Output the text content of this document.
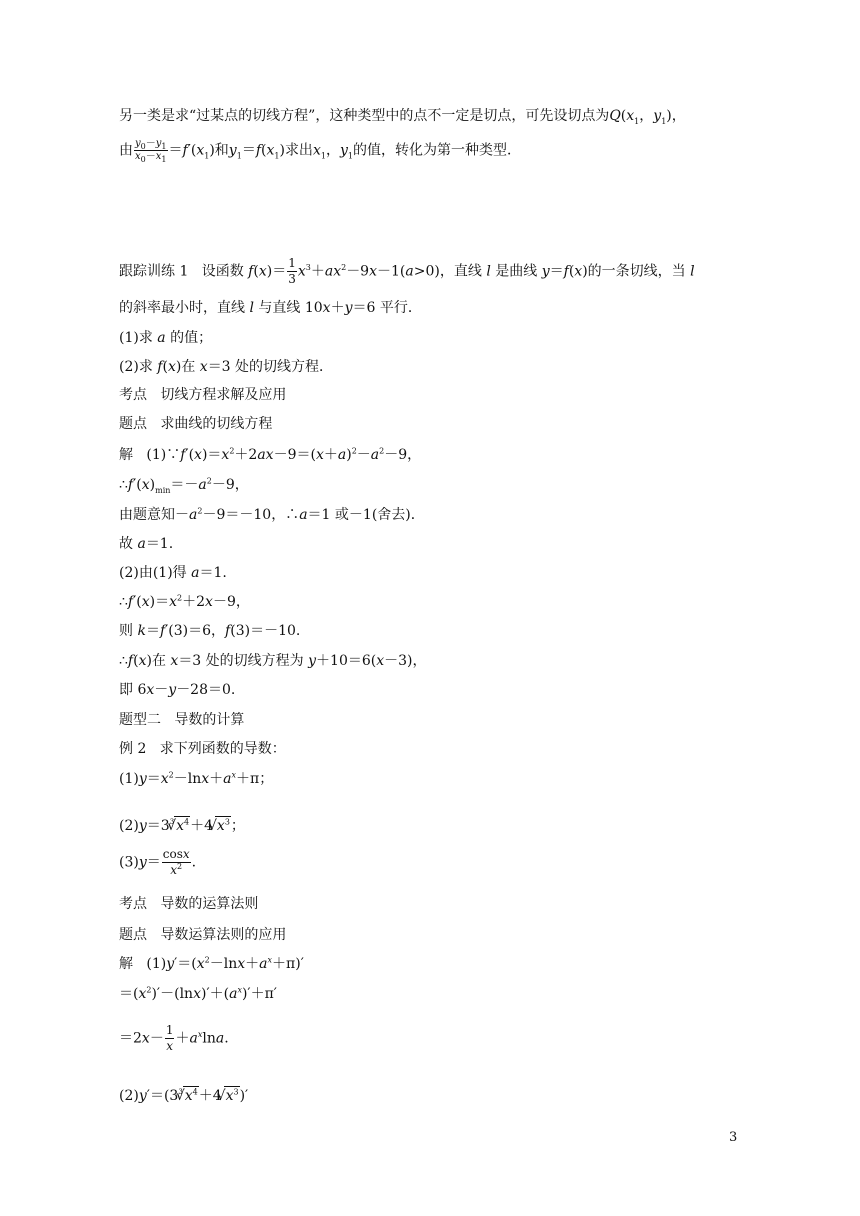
另一类是求“过某点的切线方程”，这种类型中的点不一定是切点，可先设切点为$Q(x_1$，$y_1$)，
由 $\frac{y_0-y_1}{x_0-x_1} =f'(x_1)$和$y_1=f(x_1)$求出$x_1$，$y_1$的值，转化为第一种类型．
跟踪训练 1 设函数 $f(x)= \frac{1}{3} x^3+ax^2-9x-1(a>0)$，直线 l 是曲线 y＝f(x)的一条切线，当 l
的斜率最小时，直线 l 与直线 10x＋y＝6 平行．
(1)求 a 的值；
(2)求 f(x)在 x＝3 处的切线方程．
考点 切线方程求解及应用
题点 求曲线的切线方程
解 $(1)\because f'(x)=x^2+2ax-9=(x+a)^2-a^2-9$，
$\therefore f'(x)_{min}=-a^2-9$，
由题意知$-a^2-9=-10$，∴a＝1 或－1(舍去)．
故 a＝1.
(2)由(1)得 a＝1.
$\therefore f'(x)=x^2+2x-9$，
则 k＝f′(3)＝6，f(3)＝－10.
∴f(x)在 x＝3 处的切线方程为 y＋10＝6(x－3)，
即 6x－y－28＝0.
题型二 导数的计算
例 2 求下列函数的导数：
$(1)y=x^2-\ln x+a^x+\pi$；
$(2)y=3^3√$ $x^4+4√$ $x^3$；
$(3)y= \frac{\cos x}{x^2}$ .
考点 导数的运算法则
题点 导数运算法则的应用
解   $(1)y'=(x^2-\ln x+a^x+\pi)'$
$=(x^2)'-(\ln x)'+(a^x)'+\pi'$
$=2x- \frac{1}{x} +a^x\ln a$.
$(2)y'=(3^3√$ $x^4+4√$ $x^3)'$
3
